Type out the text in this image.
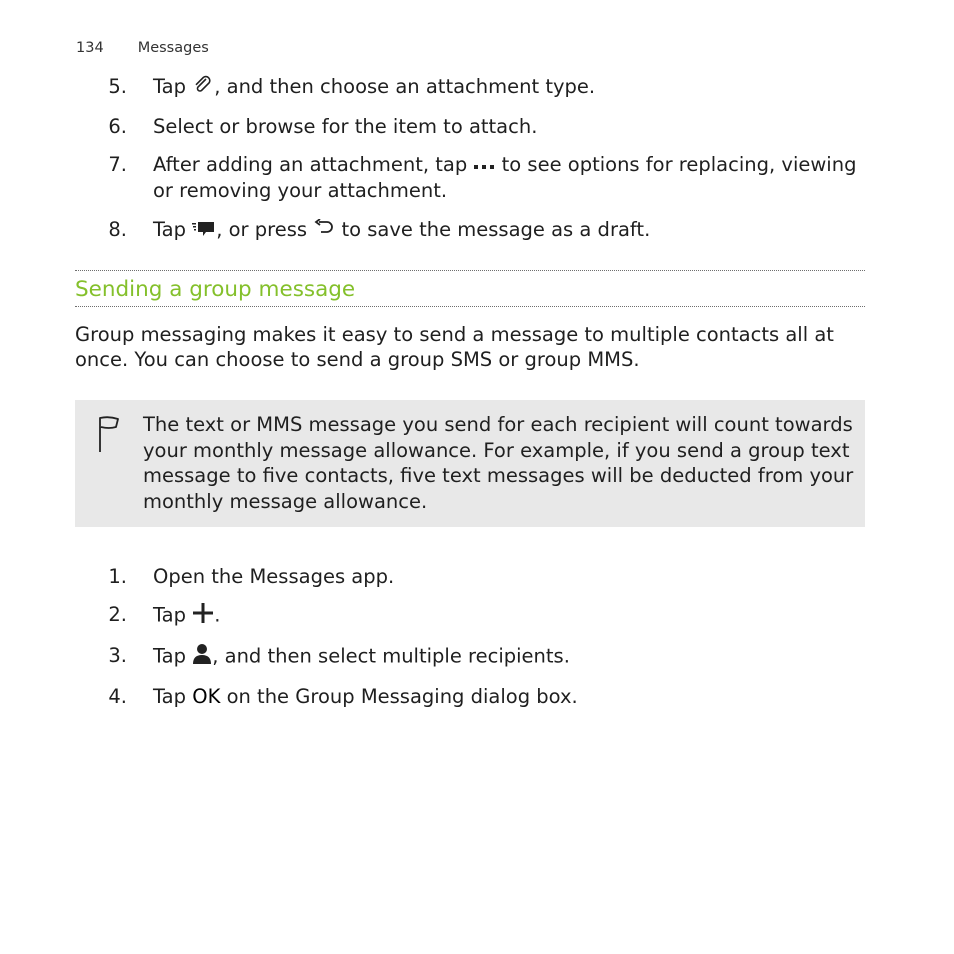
134 Messages
5. Tap , and then choose an attachment type.
6. Select or browse for the item to attach.
7. After adding an attachment, tap to see options for replacing, viewing or removing your attachment.
8. Tap , or press to save the message as a draft.
Sending a group message
Group messaging makes it easy to send a message to multiple contacts all at once. You can choose to send a group SMS or group MMS.
The text or MMS message you send for each recipient will count towards your monthly message allowance. For example, if you send a group text message to five contacts, five text messages will be deducted from your monthly message allowance.
1. Open the Messages app.
2. Tap .
3. Tap , and then select multiple recipients.
4. Tap OK on the Group Messaging dialog box.
